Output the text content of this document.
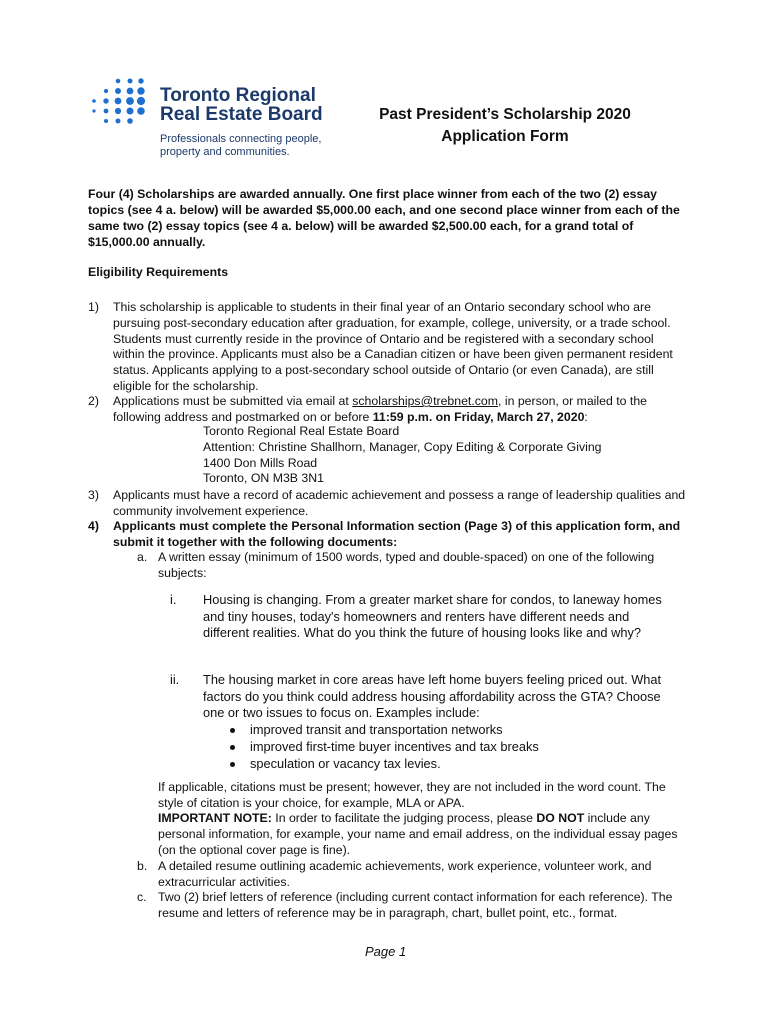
Toronto Regional
Real Estate Board
Professionals connecting people,
property and communities.
Past President’s Scholarship 2020
Application Form

Four (4) Scholarships are awarded annually. One first place winner from each of the two (2) essay topics (see 4 a. below) will be awarded $5,000.00 each, and one second place winner from each of the same two (2) essay topics (see 4 a. below) will be awarded $2,500.00 each, for a grand total of $15,000.00 annually.

Eligibility Requirements

1) This scholarship is applicable to students in their final year of an Ontario secondary school who are pursuing post-secondary education after graduation, for example, college, university, or a trade school. Students must currently reside in the province of Ontario and be registered with a secondary school within the province. Applicants must also be a Canadian citizen or have been given permanent resident status. Applicants applying to a post-secondary school outside of Ontario (or even Canada), are still eligible for the scholarship.
2) Applications must be submitted via email at scholarships@trebnet.com, in person, or mailed to the following address and postmarked on or before 11:59 p.m. on Friday, March 27, 2020:
Toronto Regional Real Estate Board
Attention: Christine Shallhorn, Manager, Copy Editing & Corporate Giving
1400 Don Mills Road
Toronto, ON M3B 3N1
3) Applicants must have a record of academic achievement and possess a range of leadership qualities and community involvement experience.
4) Applicants must complete the Personal Information section (Page 3) of this application form, and submit it together with the following documents:
a. A written essay (minimum of 1500 words, typed and double-spaced) on one of the following subjects:
i. Housing is changing. From a greater market share for condos, to laneway homes and tiny houses, today's homeowners and renters have different needs and different realities. What do you think the future of housing looks like and why?
ii. The housing market in core areas have left home buyers feeling priced out. What factors do you think could address housing affordability across the GTA? Choose one or two issues to focus on. Examples include:
improved transit and transportation networks
improved first-time buyer incentives and tax breaks
speculation or vacancy tax levies.
If applicable, citations must be present; however, they are not included in the word count. The style of citation is your choice, for example, MLA or APA.
IMPORTANT NOTE: In order to facilitate the judging process, please DO NOT include any personal information, for example, your name and email address, on the individual essay pages (on the optional cover page is fine).
b. A detailed resume outlining academic achievements, work experience, volunteer work, and extracurricular activities.
c. Two (2) brief letters of reference (including current contact information for each reference). The resume and letters of reference may be in paragraph, chart, bullet point, etc., format.
Page 1
